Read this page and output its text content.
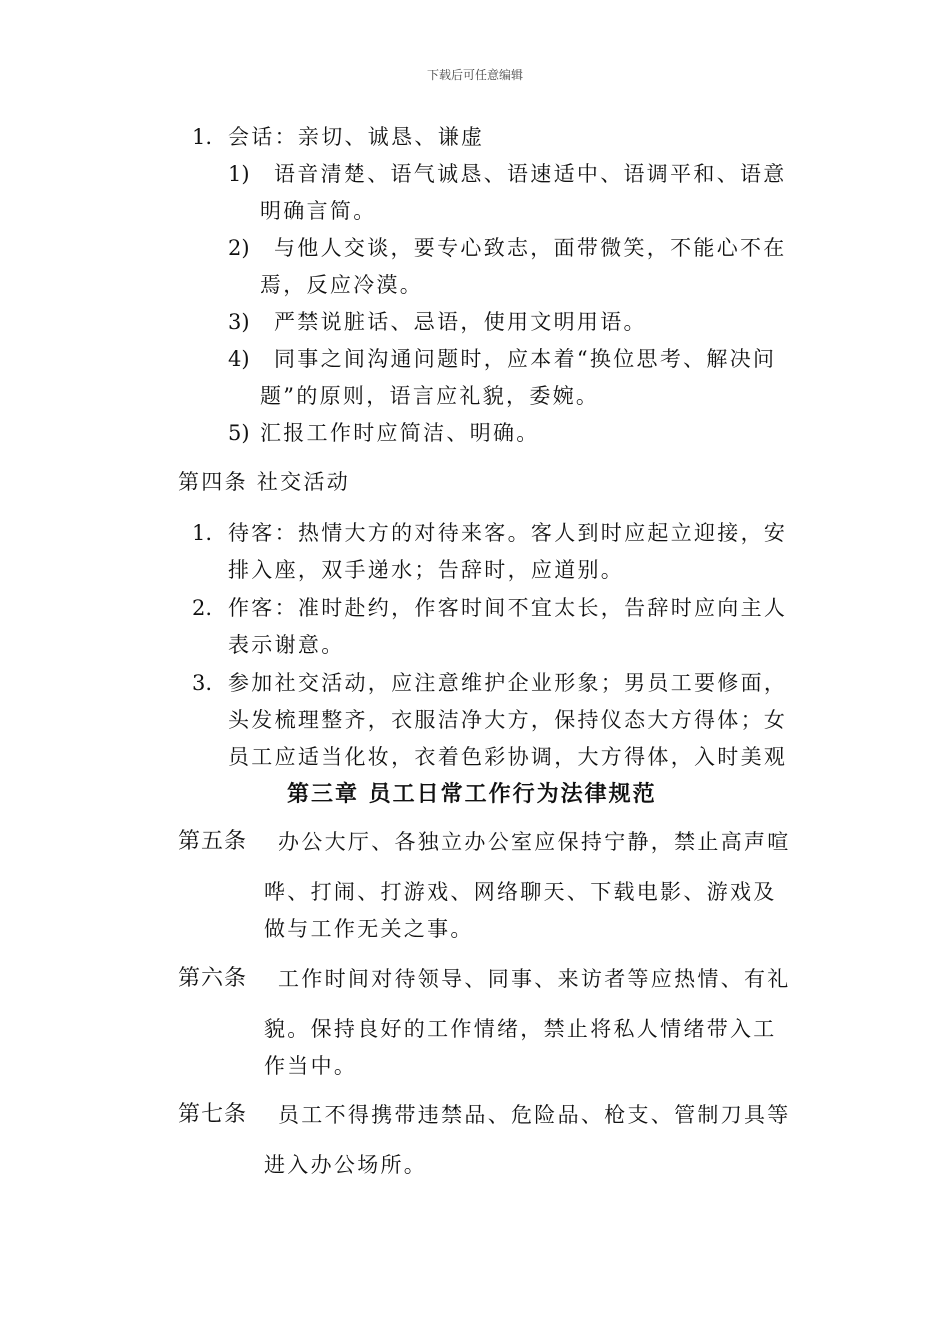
下载后可任意编辑
1. 会话：亲切、诚恳、谦虚
1) 语音清楚、语气诚恳、语速适中、语调平和、语意
明确言简。
2) 与他人交谈，要专心致志，面带微笑，不能心不在
焉，反应冷漠。
3) 严禁说脏话、忌语，使用文明用语。
4) 同事之间沟通问题时，应本着“换位思考、解决问
题”的原则，语言应礼貌，委婉。
5) 汇报工作时应简洁、明确。
第四条 社交活动
1. 待客：热情大方的对待来客。客人到时应起立迎接，安
排入座，双手递水；告辞时，应道别。
2. 作客：准时赴约，作客时间不宜太长，告辞时应向主人
表示谢意。
3. 参加社交活动，应注意维护企业形象；男员工要修面，
头发梳理整齐，衣服洁净大方，保持仪态大方得体；女
员工应适当化妆，衣着色彩协调，大方得体，入时美观
第三章 员工日常工作行为法律规范
第五条 办公大厅、各独立办公室应保持宁静，禁止高声喧
哗、打闹、打游戏、网络聊天、下载电影、游戏及
做与工作无关之事。
第六条 工作时间对待领导、同事、来访者等应热情、有礼
貌。保持良好的工作情绪，禁止将私人情绪带入工
作当中。
第七条 员工不得携带违禁品、危险品、枪支、管制刀具等
进入办公场所。
